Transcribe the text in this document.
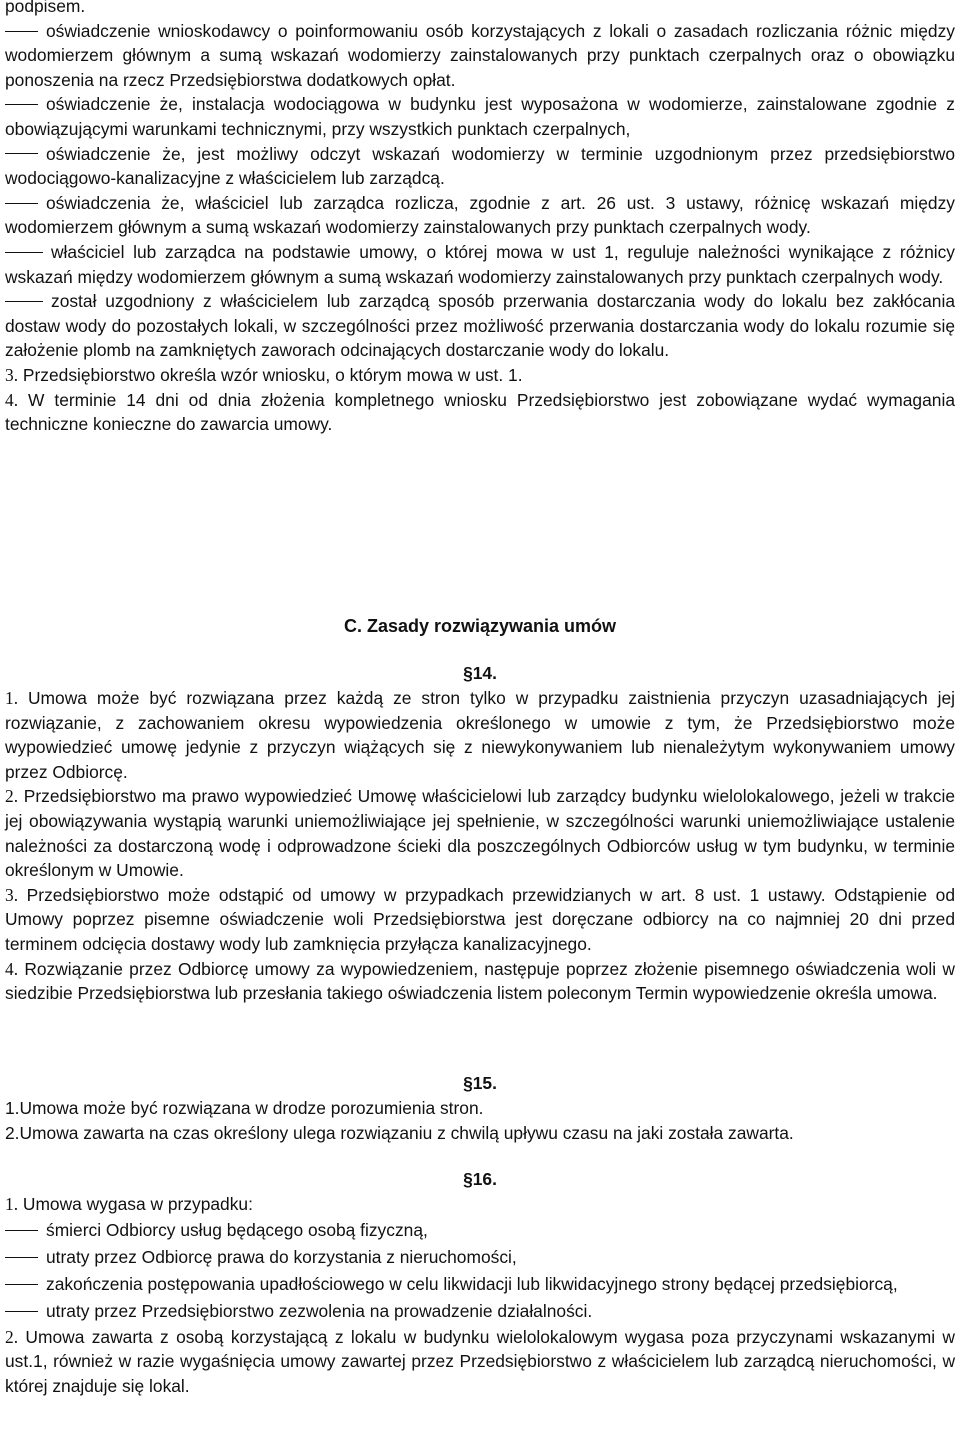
podpisem.

oświadczenie wnioskodawcy o poinformowaniu osób korzystających z lokali o zasadach rozliczania różnic między wodomierzem głównym a sumą wskazań wodomierzy zainstalowanych przy punktach czerpalnych oraz o obowiązku ponoszenia na rzecz Przedsiębiorstwa dodatkowych opłat.

oświadczenie że, instalacja wodociągowa w budynku jest wyposażona w wodomierze, zainstalowane zgodnie z obowiązującymi warunkami technicznymi, przy wszystkich punktach czerpalnych,

oświadczenie że, jest możliwy odczyt wskazań wodomierzy w terminie uzgodnionym przez przedsiębiorstwo wodociągowo-kanalizacyjne z właścicielem lub zarządcą.

oświadczenia że, właściciel lub zarządca rozlicza, zgodnie z art. 26 ust. 3 ustawy, różnicę wskazań między wodomierzem głównym a sumą wskazań wodomierzy zainstalowanych przy punktach czerpalnych wody.

właściciel lub zarządca na podstawie umowy, o której mowa w ust 1, reguluje należności wynikające z różnicy wskazań między wodomierzem głównym a sumą wskazań wodomierzy zainstalowanych przy punktach czerpalnych wody.

został uzgodniony z właścicielem lub zarządcą sposób przerwania dostarczania wody do lokalu bez zakłócania dostaw wody do pozostałych lokali, w szczególności przez możliwość przerwania dostarczania wody do lokalu rozumie się założenie plomb na zamkniętych zaworach odcinających dostarczanie wody do lokalu.

3. Przedsiębiorstwo określa wzór wniosku, o którym mowa w ust. 1.

4. W terminie 14 dni od dnia złożenia kompletnego wniosku Przedsiębiorstwo jest zobowiązane wydać wymagania techniczne konieczne do zawarcia umowy.

C. Zasady rozwiązywania umów
§14.

1. Umowa może być rozwiązana przez każdą ze stron tylko w przypadku zaistnienia przyczyn uzasadniających jej rozwiązanie, z zachowaniem okresu wypowiedzenia określonego w umowie z tym, że Przedsiębiorstwo może wypowiedzieć umowę jedynie z przyczyn wiążących się z niewykonywaniem lub nienależytym wykonywaniem umowy przez Odbiorcę.

2. Przedsiębiorstwo ma prawo wypowiedzieć Umowę właścicielowi lub zarządcy budynku wielolokalowego, jeżeli w trakcie jej obowiązywania wystąpią warunki uniemożliwiające jej spełnienie, w szczególności warunki uniemożliwiające ustalenie należności za dostarczoną wodę i odprowadzone ścieki dla poszczególnych Odbiorców usług w tym budynku, w terminie określonym w Umowie.

3. Przedsiębiorstwo może odstąpić od umowy w przypadkach przewidzianych w art. 8 ust. 1 ustawy. Odstąpienie od Umowy poprzez pisemne oświadczenie woli Przedsiębiorstwa jest doręczane odbiorcy na co najmniej 20 dni przed terminem odcięcia dostawy wody lub zamknięcia przyłącza kanalizacyjnego.

4. Rozwiązanie przez Odbiorcę umowy za wypowiedzeniem, następuje poprzez złożenie pisemnego oświadczenia woli w siedzibie Przedsiębiorstwa lub przesłania takiego oświadczenia listem poleconym Termin wypowiedzenie określa umowa.

§15.

1.Umowa może być rozwiązana w drodze porozumienia stron.

2.Umowa zawarta na czas określony ulega rozwiązaniu z chwilą upływu czasu na jaki została zawarta.

§16.

1. Umowa wygasa w przypadku:

śmierci Odbiorcy usług będącego osobą fizyczną,

utraty przez Odbiorcę prawa do korzystania z nieruchomości,

zakończenia postępowania upadłościowego w celu likwidacji lub likwidacyjnego strony będącej przedsiębiorcą,

utraty przez Przedsiębiorstwo zezwolenia na prowadzenie działalności.

2. Umowa zawarta z osobą korzystającą z lokalu w budynku wielolokalowym wygasa poza przyczynami wskazanymi w ust.1, również w razie wygaśnięcia umowy zawartej przez Przedsiębiorstwo z właścicielem lub zarządcą nieruchomości, w której znajduje się lokal.
